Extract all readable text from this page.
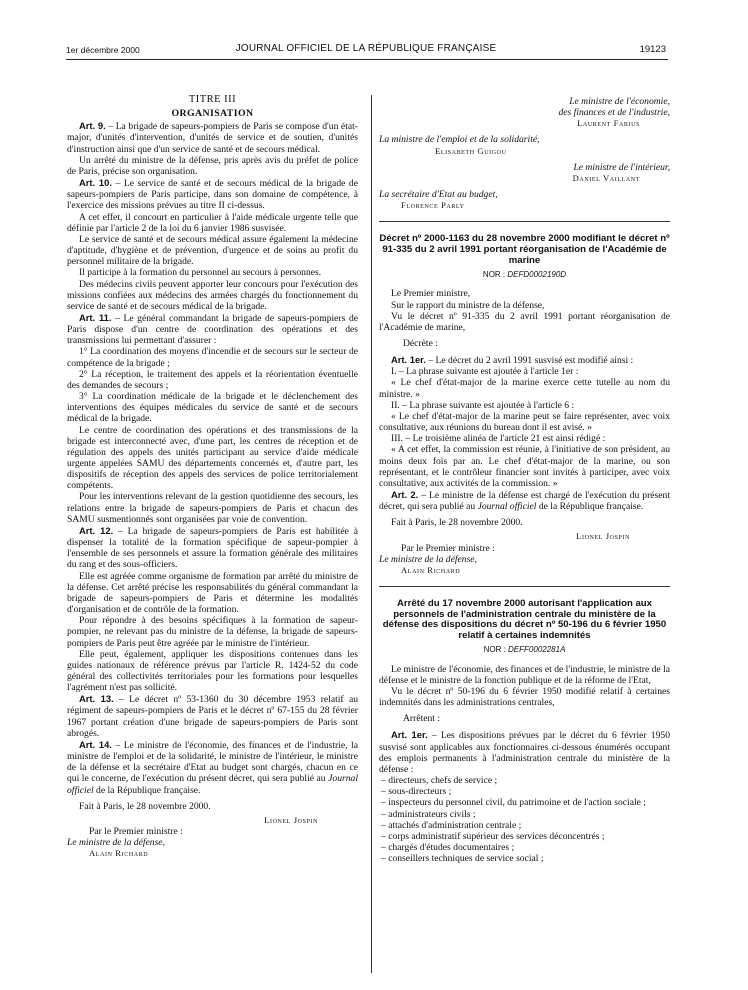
1er décembre 2000	JOURNAL OFFICIEL DE LA RÉPUBLIQUE FRANÇAISE	19123

TITRE III

ORGANISATION

Art. 9. – La brigade de sapeurs-pompiers de Paris se compose d'un état-major, d'unités d'intervention, d'unités de service et de soutien, d'unités d'instruction ainsi que d'un service de santé et de secours médical.

Un arrêté du ministre de la défense, pris après avis du préfet de police de Paris, précise son organisation.

Art. 10. – Le service de santé et de secours médical de la brigade de sapeurs-pompiers de Paris participe, dans son domaine de compétence, à l'exercice des missions prévues au titre II ci-dessus.

A cet effet, il concourt en particulier à l'aide médicale urgente telle que définie par l'article 2 de la loi du 6 janvier 1986 susvisée.

Le service de santé et de secours médical assure également la médecine d'aptitude, d'hygiène et de prévention, d'urgence et de soins au profit du personnel militaire de la brigade.

Il participe à la formation du personnel au secours à personnes.

Des médecins civils peuvent apporter leur concours pour l'exécution des missions confiées aux médecins des armées chargés du fonctionnement du service de santé et de secours médical de la brigade.

Art. 11. – Le général commandant la brigade de sapeurs-pompiers de Paris dispose d'un centre de coordination des opérations et des transmissions lui permettant d'assurer :

1° La coordination des moyens d'incendie et de secours sur le secteur de compétence de la brigade ;

2° La réception, le traitement des appels et la réorientation éventuelle des demandes de secours ;

3° La coordination médicale de la brigade et le déclenchement des interventions des équipes médicales du service de santé et de secours médical de la brigade.

Le centre de coordination des opérations et des transmissions de la brigade est interconnecté avec, d'une part, les centres de réception et de régulation des appels des unités participant au service d'aide médicale urgente appelées SAMU des départements concernés et, d'autre part, les dispositifs de réception des appels des services de police territorialement compétents.

Pour les interventions relevant de la gestion quotidienne des secours, les relations entre la brigade de sapeurs-pompiers de Paris et chacun des SAMU susmentionnés sont organisées par voie de convention.

Art. 12. – La brigade de sapeurs-pompiers de Paris est habilitée à dispenser la totalité de la formation spécifique de sapeur-pompier à l'ensemble de ses personnels et assure la formation générale des militaires du rang et des sous-officiers.

Elle est agréée comme organisme de formation par arrêté du ministre de la défense. Cet arrêté précise les responsabilités du général commandant la brigade de sapeurs-pompiers de Paris et détermine les modalités d'organisation et de contrôle de la formation.

Pour répondre à des besoins spécifiques à la formation de sapeur-pompier, ne relevant pas du ministre de la défense, la brigade de sapeurs-pompiers de Paris peut être agréée par le ministre de l'intérieur.

Elle peut, également, appliquer les dispositions contenues dans les guides nationaux de référence prévus par l'article R. 1424-52 du code général des collectivités territoriales pour les formations pour lesquelles l'agrément n'est pas sollicité.

Art. 13. – Le décret nº 53-1360 du 30 décembre 1953 relatif au régiment de sapeurs-pompiers de Paris et le décret nº 67-155 du 28 février 1967 portant création d'une brigade de sapeurs-pompiers de Paris sont abrogés.

Art. 14. – Le ministre de l'économie, des finances et de l'industrie, la ministre de l'emploi et de la solidarité, le ministre de l'intérieur, le ministre de la défense et la secrétaire d'Etat au budget sont chargés, chacun en ce qui le concerne, de l'exécution du présent décret, qui sera publié au Journal officiel de la République française.

Fait à Paris, le 28 novembre 2000.

Lionel Jospin

Par le Premier ministre :

Le ministre de la défense,

Alain Richard

Le ministre de l'économie,

des finances et de l'industrie,

Laurent Fabius

La ministre de l'emploi et de la solidarité,

Elisabeth Guigou

Le ministre de l'intérieur,

Daniel Vaillant

La secrétaire d'Etat au budget,

Florence Parly

Décret nº 2000-1163 du 28 novembre 2000 modifiant le décret nº 91-335 du 2 avril 1991 portant réorganisation de l'Académie de marine

NOR : DEFD0002190D

Le Premier ministre,

Sur le rapport du ministre de la défense,

Vu le décret nº 91-335 du 2 avril 1991 portant réorganisation de l'Académie de marine,

Décrète :

Art. 1er. – Le décret du 2 avril 1991 susvisé est modifié ainsi :

I. – La phrase suivante est ajoutée à l'article 1er :

« Le chef d'état-major de la marine exerce cette tutelle au nom du ministre. »

II. – La phrase suivante est ajoutée à l'article 6 :

« Le chef d'état-major de la marine peut se faire représenter, avec voix consultative, aux réunions du bureau dont il est avisé. »

III. – Le troisième alinéa de l'article 21 est ainsi rédigé :

« A cet effet, la commission est réunie, à l'initiative de son président, au moins deux fois par an. Le chef d'état-major de la marine, ou son représentant, et le contrôleur financier sont invités à participer, avec voix consultative, aux activités de la commission. »

Art. 2. – Le ministre de la défense est chargé de l'exécution du présent décret, qui sera publié au Journal officiel de la République française.

Fait à Paris, le 28 novembre 2000.

Lionel Jospin

Par le Premier ministre :

Le ministre de la défense,

Alain Richard

Arrêté du 17 novembre 2000 autorisant l'application aux personnels de l'administration centrale du ministère de la défense des dispositions du décret nº 50-196 du 6 février 1950 relatif à certaines indemnités

NOR : DEFF0002281A

Le ministre de l'économie, des finances et de l'industrie, le ministre de la défense et le ministre de la fonction publique et de la réforme de l'Etat,

Vu le décret nº 50-196 du 6 février 1950 modifié relatif à certaines indemnités dans les administrations centrales,

Arrêtent :

Art. 1er. – Les dispositions prévues par le décret du 6 février 1950 susvisé sont applicables aux fonctionnaires ci-dessous énumérés occupant des emplois permanents à l'administration centrale du ministère de la défense :

– directeurs, chefs de service ;
– sous-directeurs ;
– inspecteurs du personnel civil, du patrimoine et de l'action sociale ;
– administrateurs civils ;
– attachés d'administration centrale ;
– corps administratif supérieur des services déconcentrés ;
– chargés d'études documentaires ;
– conseillers techniques de service social ;
